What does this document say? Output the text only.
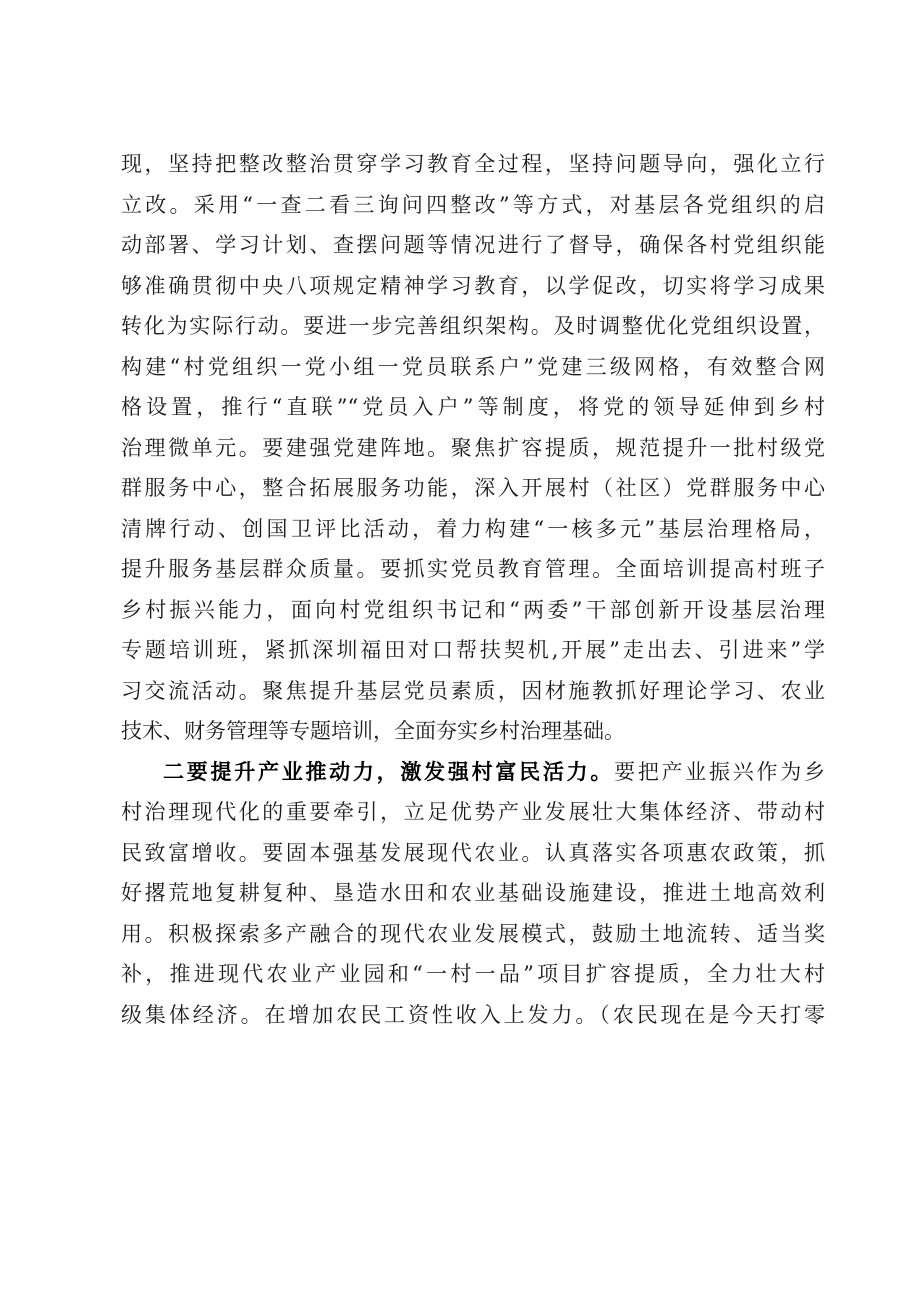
现，坚持把整改整治贯穿学习教育全过程，坚持问题导向，强化立行
立改。采用“一查二看三询问四整改”等方式，对基层各党组织的启
动部署、学习计划、查摆问题等情况进行了督导，确保各村党组织能
够准确贯彻中央八项规定精神学习教育，以学促改，切实将学习成果
转化为实际行动。要进一步完善组织架构。及时调整优化党组织设置，
构建“村党组织一党小组一党员联系户”党建三级网格，有效整合网
格设置，推行“直联”“党员入户”等制度，将党的领导延伸到乡村
治理微单元。要建强党建阵地。聚焦扩容提质，规范提升一批村级党
群服务中心，整合拓展服务功能，深入开展村（社区）党群服务中心
清牌行动、创国卫评比活动，着力构建“一核多元”基层治理格局，
提升服务基层群众质量。要抓实党员教育管理。全面培训提高村班子
乡村振兴能力，面向村党组织书记和“两委”干部创新开设基层治理
专题培训班，紧抓深圳福田对口帮扶契机,开展”走出去、引进来”学
习交流活动。聚焦提升基层党员素质，因材施教抓好理论学习、农业
技术、财务管理等专题培训，全面夯实乡村治理基础。
二要提升产业推动力，激发强村富民活力。要把产业振兴作为乡
村治理现代化的重要牵引，立足优势产业发展壮大集体经济、带动村
民致富增收。要固本强基发展现代农业。认真落实各项惠农政策，抓
好撂荒地复耕复种、垦造水田和农业基础设施建设，推进土地高效利
用。积极探索多产融合的现代农业发展模式，鼓励土地流转、适当奖
补，推进现代农业产业园和“一村一品”项目扩容提质，全力壮大村
级集体经济。在增加农民工资性收入上发力。（农民现在是今天打零
